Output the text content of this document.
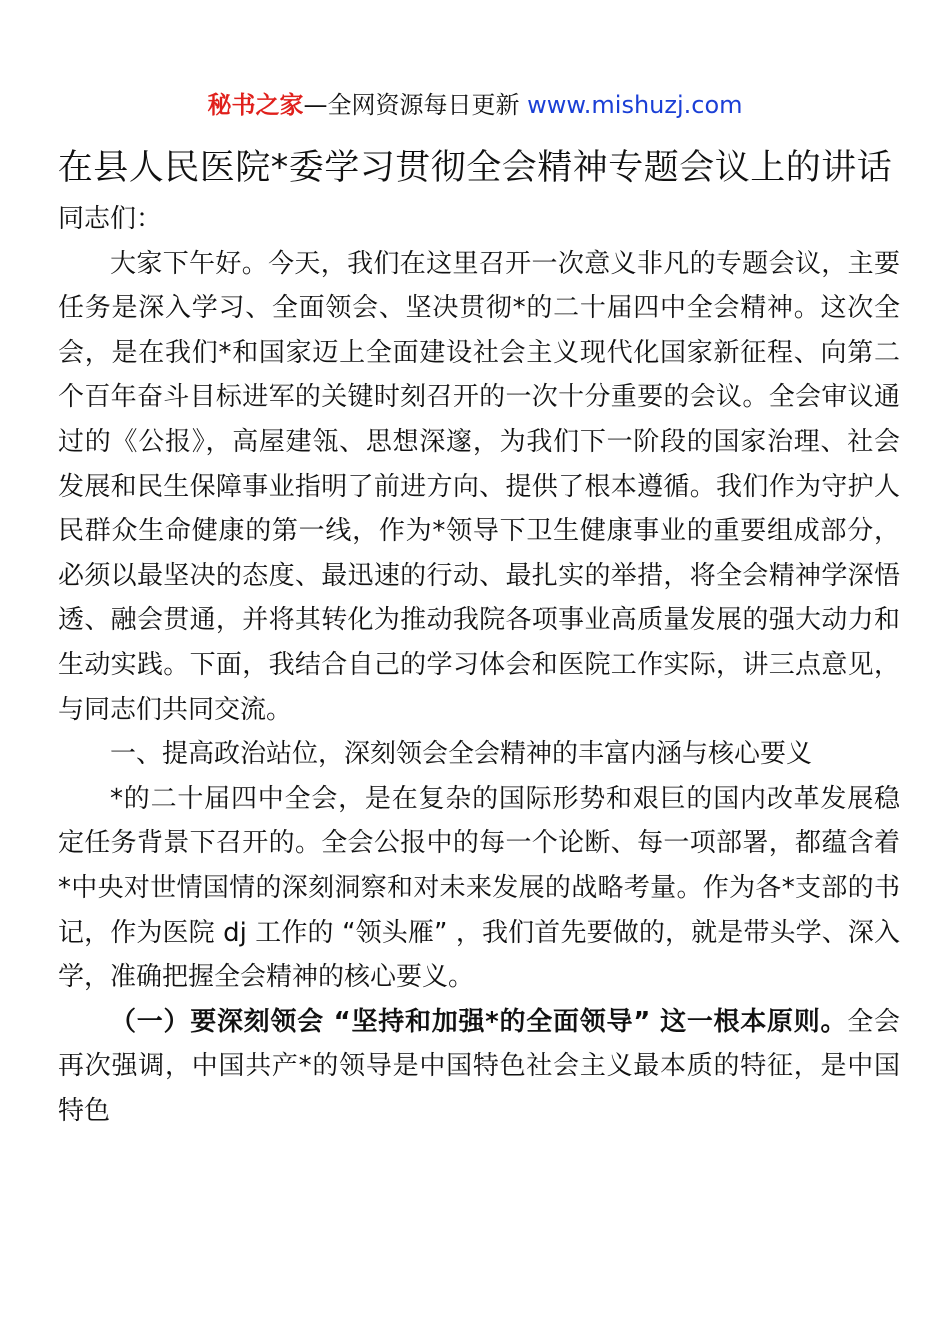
秘书之家—全网资源每日更新 www.mishuzj.com
在县人民医院*委学习贯彻全会精神专题会议上的讲话

同志们：

大家下午好。今天，我们在这里召开一次意义非凡的专题会议，主要任务是深入学习、全面领会、坚决贯彻*的二十届四中全会精神。这次全会，是在我们*和国家迈上全面建设社会主义现代化国家新征程、向第二个百年奋斗目标进军的关键时刻召开的一次十分重要的会议。全会审议通过的《公报》，高屋建瓴、思想深邃，为我们下一阶段的国家治理、社会发展和民生保障事业指明了前进方向、提供了根本遵循。我们作为守护人民群众生命健康的第一线，作为*领导下卫生健康事业的重要组成部分，必须以最坚决的态度、最迅速的行动、最扎实的举措，将全会精神学深悟透、融会贯通，并将其转化为推动我院各项事业高质量发展的强大动力和生动实践。下面，我结合自己的学习体会和医院工作实际，讲三点意见，与同志们共同交流。

一、提高政治站位，深刻领会全会精神的丰富内涵与核心要义

*的二十届四中全会，是在复杂的国际形势和艰巨的国内改革发展稳定任务背景下召开的。全会公报中的每一个论断、每一项部署，都蕴含着*中央对世情国情的深刻洞察和对未来发展的战略考量。作为各*支部的书记，作为医院 dj 工作的 “领头雁” ，我们首先要做的，就是带头学、深入学，准确把握全会精神的核心要义。

（一）要深刻领会 “坚持和加强*的全面领导” 这一根本原则。全会再次强调，中国共产*的领导是中国特色社会主义最本质的特征，是中国特色
